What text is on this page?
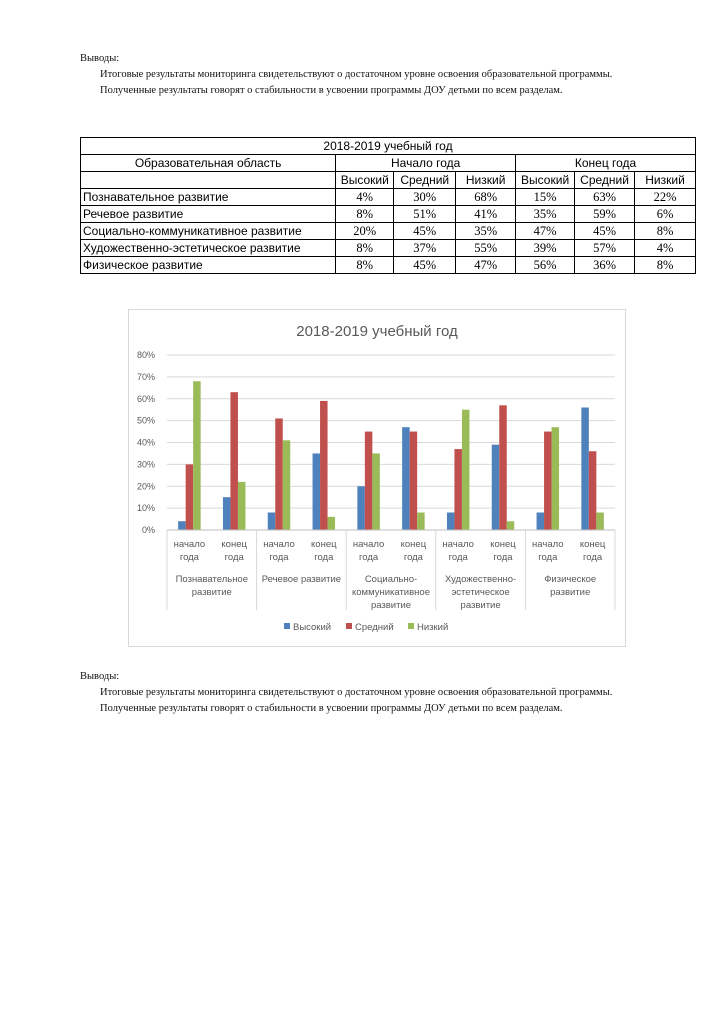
Выводы:

Итоговые результаты мониторинга свидетельствуют о достаточном уровне освоения образовательной программы.

Полученные результаты говорят о стабильности в усвоении программы ДОУ детьми по всем разделам.

2018-2019 учебный год						
Образовательная область	Начало года			Конец года		
	Высокий	Средний	Низкий	Высокий	Средний	Низкий
Познавательное развитие	4%	30%	68%	15%	63%	22%
Речевое развитие	8%	51%	41%	35%	59%	6%
Социально-коммуникативное развитие	20%	45%	35%	47%	45%	8%
Художественно-эстетическое развитие	8%	37%	55%	39%	57%	4%
Физическое развитие	8%	45%	47%	56%	36%	8%
2018-2019 учебный год
0%
10%
20%
30%
40%
50%
60%
70%
80%
начало
года
конец
года
начало
года
конец
года
начало
года
конец
года
начало
года
конец
года
начало
года
конец
года
Познавательное
развитие
Речевое развитие Социально-
коммуникативное
развитие
Художественно-
эстетическое
развитие
Физическое
развитие
Высокий	Средний Низкий

Выводы:

Итоговые результаты мониторинга свидетельствуют о достаточном уровне освоения образовательной программы.

Полученные результаты говорят о стабильности в усвоении программы ДОУ детьми по всем разделам.
